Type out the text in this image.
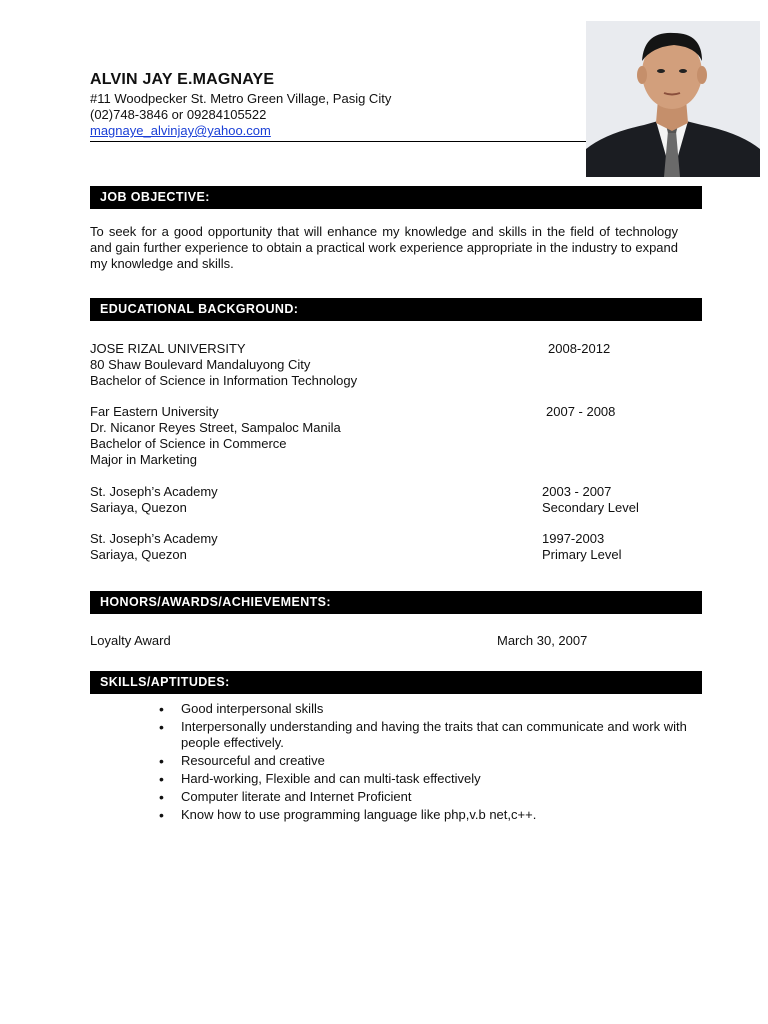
ALVIN JAY E.MAGNAYE
#11 Woodpecker St. Metro Green Village, Pasig City
(02)748-3846 or 09284105522
magnaye_alvinjay@yahoo.com
JOB OBJECTIVE:
To seek for a good opportunity that will enhance my knowledge and skills in the field of technology and gain further experience to obtain a practical work experience appropriate in the industry to expand my knowledge and skills.
EDUCATIONAL BACKGROUND:
JOSE RIZAL UNIVERSITY
80 Shaw Boulevard Mandaluyong City
Bachelor of Science in Information Technology
2008-2012
Far Eastern University
Dr. Nicanor Reyes Street, Sampaloc Manila
Bachelor of Science in Commerce
Major in Marketing
2007 - 2008
St. Joseph’s Academy
Sariaya, Quezon
2003 - 2007
Secondary Level
St. Joseph’s Academy
Sariaya, Quezon
1997-2003
Primary Level
HONORS/AWARDS/ACHIEVEMENTS:
Loyalty Award	March 30, 2007
SKILLS/APTITUDES:
• Good interpersonal skills
• Interpersonally understanding and having the traits that can communicate and work with people effectively.
• Resourceful and creative
• Hard-working, Flexible and can multi-task effectively
• Computer literate and Internet Proficient
• Know how to use programming language like php,v.b net,c++.
